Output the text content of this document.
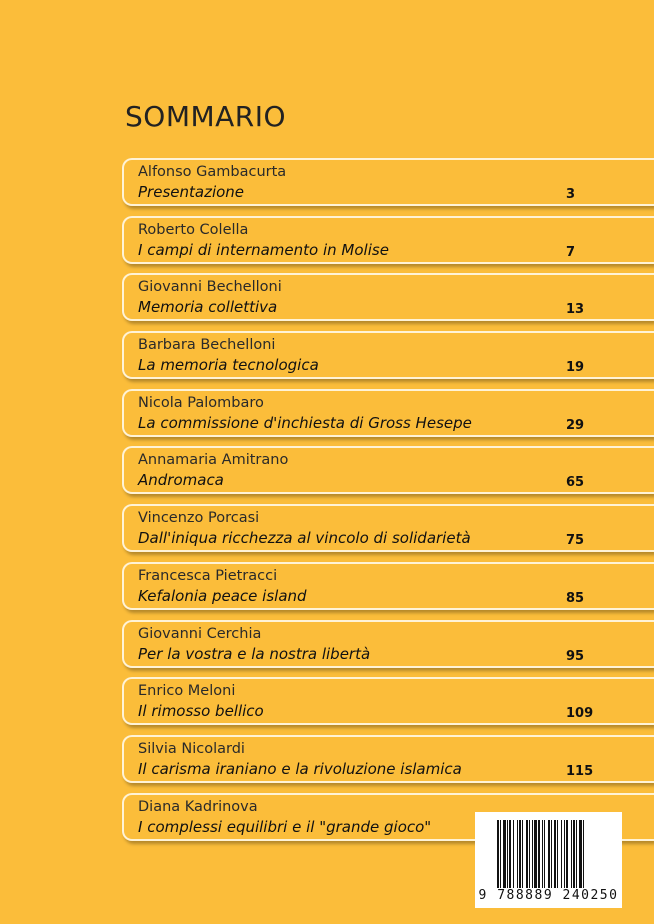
SOMMARIO
Alfonso Gambacurta
Presentazione	3
Roberto Colella
I campi di internamento in Molise	7
Giovanni Bechelloni
Memoria collettiva	13
Barbara Bechelloni
La memoria tecnologica	19
Nicola Palombaro
La commissione d'inchiesta di Gross Hesepe	29
Annamaria Amitrano
Andromaca	65
Vincenzo Porcasi
Dall'iniqua ricchezza al vincolo di solidarietà	75
Francesca Pietracci
Kefalonia peace island	85
Giovanni Cerchia
Per la vostra e la nostra libertà	95
Enrico Meloni
Il rimosso bellico	109
Silvia Nicolardi
Il carisma iraniano e la rivoluzione islamica	115
Diana Kadrinova
I complessi equilibri e il "grande gioco"
9 788889 240250
